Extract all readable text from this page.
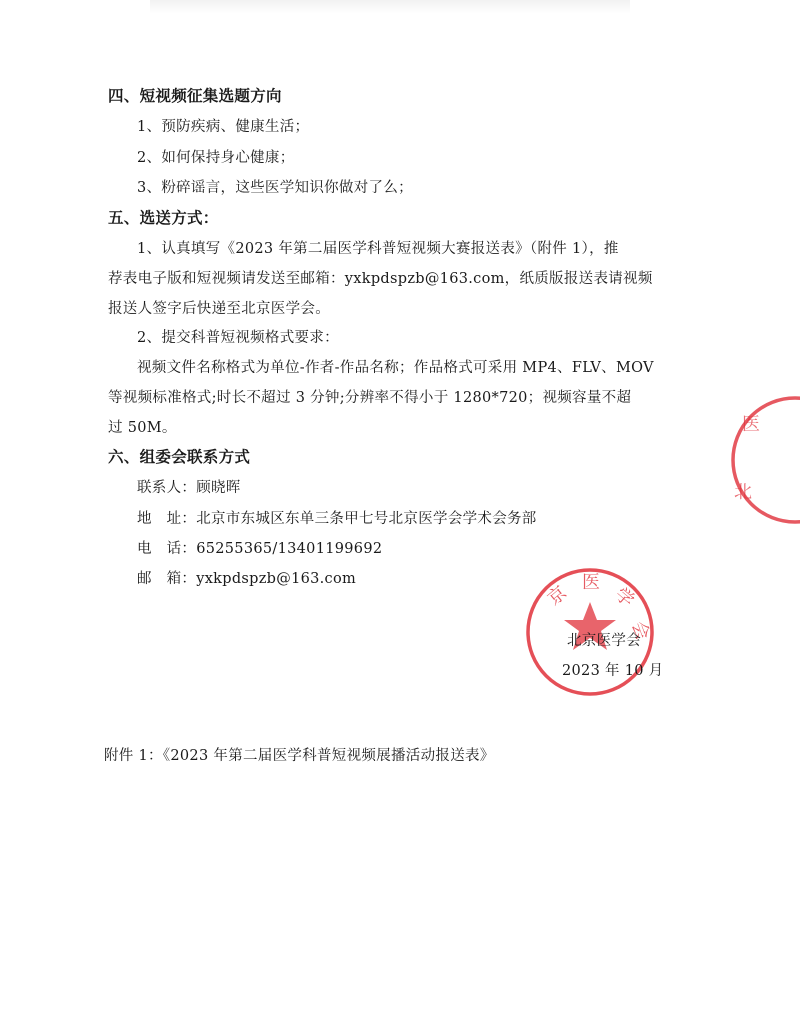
四、短视频征集选题方向
1、预防疾病、健康生活；
2、如何保持身心健康；
3、粉碎谣言，这些医学知识你做对了么；
五、选送方式：
1、认真填写《2023 年第二届医学科普短视频大赛报送表》（附件 1），推
荐表电子版和短视频请发送至邮箱：yxkpdspzb@163.com，纸质版报送表请视频
报送人签字后快递至北京医学会。
2、提交科普短视频格式要求：
视频文件名称格式为单位-作者-作品名称；作品格式可采用 MP4、FLV、MOV
等视频标准格式;时长不超过 3 分钟;分辨率不得小于 1280*720；视频容量不超
过 50M。
六、组委会联系方式
联系人：顾晓晖
地　址：北京市东城区东单三条甲七号北京医学会学术会务部
电　话：65255365/13401199692
邮　箱：yxkpdspzb@163.com
京 医
学
会
医
北
北京医学会
2023 年 10 月
附件 1：《2023 年第二届医学科普短视频展播活动报送表》
